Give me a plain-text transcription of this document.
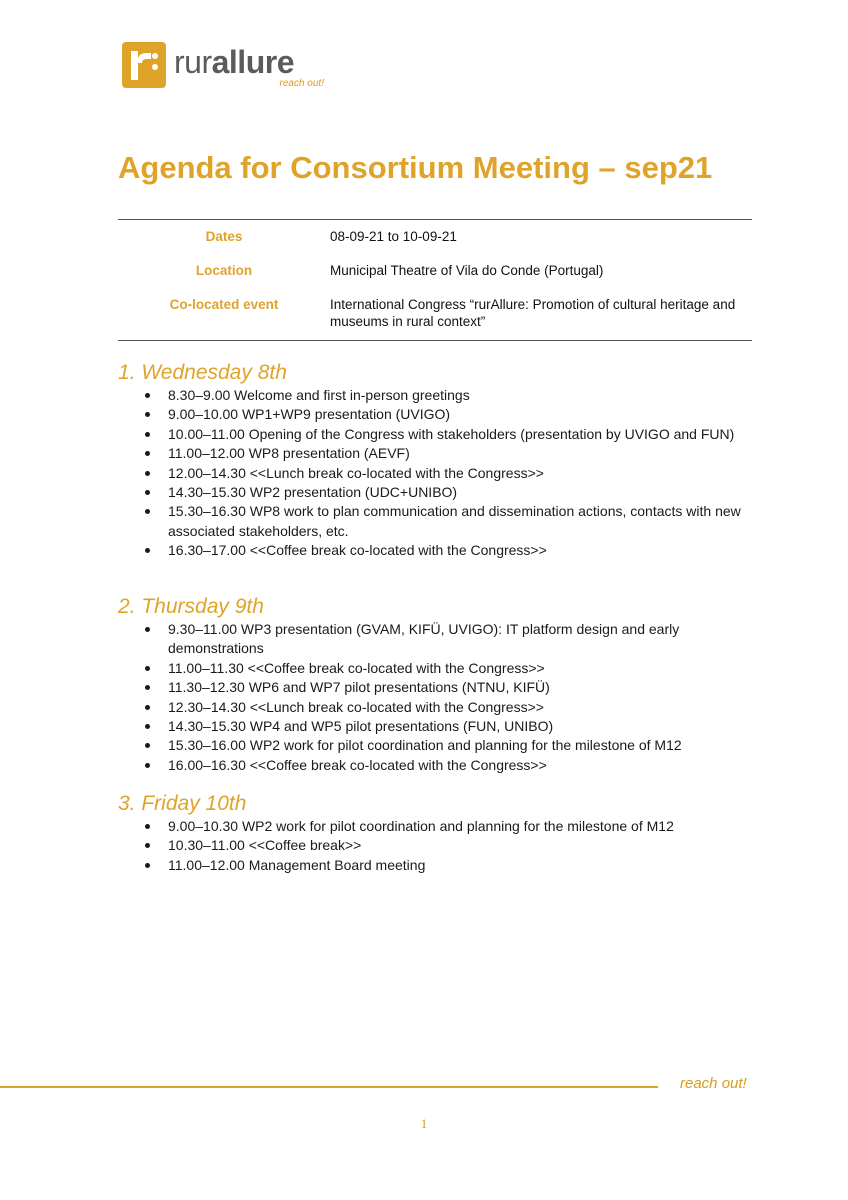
rurallure
reach out!
Agenda for Consortium Meeting – sep21
Dates	08-09-21 to 10-09-21
Location	Municipal Theatre of Vila do Conde (Portugal)
Co-located event	International Congress “rurAllure: Promotion of cultural heritage and museums in rural context”
1. Wednesday 8th
8.30–9.00 Welcome and first in-person greetings
9.00–10.00 WP1+WP9 presentation (UVIGO)
10.00–11.00 Opening of the Congress with stakeholders (presentation by UVIGO and FUN)
11.00–12.00 WP8 presentation (AEVF)
12.00–14.30 <<Lunch break co-located with the Congress>>
14.30–15.30 WP2 presentation (UDC+UNIBO)
15.30–16.30 WP8 work to plan communication and dissemination actions, contacts with new associated stakeholders, etc.
16.30–17.00 <<Coffee break co-located with the Congress>>
2. Thursday 9th
9.30–11.00 WP3 presentation (GVAM, KIFÜ, UVIGO): IT platform design and early demonstrations
11.00–11.30 <<Coffee break co-located with the Congress>>
11.30–12.30 WP6 and WP7 pilot presentations (NTNU, KIFÜ)
12.30–14.30 <<Lunch break co-located with the Congress>>
14.30–15.30 WP4 and WP5 pilot presentations (FUN, UNIBO)
15.30–16.00 WP2 work for pilot coordination and planning for the milestone of M12
16.00–16.30 <<Coffee break co-located with the Congress>>
3. Friday 10th
9.00–10.30 WP2 work for pilot coordination and planning for the milestone of M12
10.30–11.00 <<Coffee break>>
11.00–12.00 Management Board meeting
reach out!
1
